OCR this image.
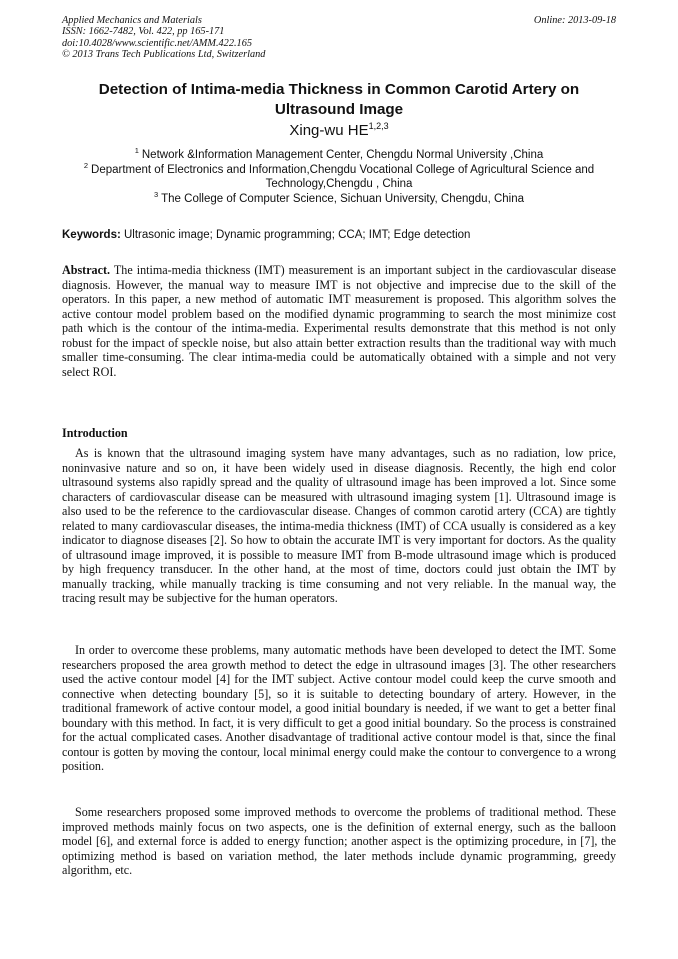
Applied Mechanics and Materials
ISSN: 1662-7482, Vol. 422, pp 165-171
doi:10.4028/www.scientific.net/AMM.422.165
© 2013 Trans Tech Publications Ltd, Switzerland
Online: 2013-09-18
Detection of Intima-media Thickness in Common Carotid Artery on Ultrasound Image
Xing-wu HE$^{1,2,3}$
$^1$ Network &Information Management Center, Chengdu Normal University ,China
$^2$ Department of Electronics and Information,Chengdu Vocational College of Agricultural Science and Technology,Chengdu , China
$^3$ The College of Computer Science, Sichuan University, Chengdu, China
Keywords: Ultrasonic image; Dynamic programming; CCA; IMT; Edge detection
Abstract. The intima-media thickness (IMT) measurement is an important subject in the cardiovascular disease diagnosis. However, the manual way to measure IMT is not objective and imprecise due to the skill of the operators. In this paper, a new method of automatic IMT measurement is proposed. This algorithm solves the active contour model problem based on the modified dynamic programming to search the most minimize cost path which is the contour of the intima-media. Experimental results demonstrate that this method is not only robust for the impact of speckle noise, but also attain better extraction results than the traditional way with much smaller time-consuming. The clear intima-media could be automatically obtained with a simple and not very select ROI.
Introduction
As is known that the ultrasound imaging system have many advantages, such as no radiation, low price, noninvasive nature and so on, it have been widely used in disease diagnosis. Recently, the high end color ultrasound systems also rapidly spread and the quality of ultrasound image has been improved a lot. Since some characters of cardiovascular disease can be measured with ultrasound imaging system [1]. Ultrasound image is also used to be the reference to the cardiovascular disease. Changes of common carotid artery (CCA) are tightly related to many cardiovascular diseases, the intima-media thickness (IMT) of CCA usually is considered as a key indicator to diagnose diseases [2]. So how to obtain the accurate IMT is very important for doctors. As the quality of ultrasound image improved, it is possible to measure IMT from B-mode ultrasound image which is produced by high frequency transducer. In the other hand, at the most of time, doctors could just obtain the IMT by manually tracking, while manually tracking is time consuming and not very reliable. In the manual way, the tracing result may be subjective for the human operators.
In order to overcome these problems, many automatic methods have been developed to detect the IMT. Some researchers proposed the area growth method to detect the edge in ultrasound images [3]. The other researchers used the active contour model [4] for the IMT subject. Active contour model could keep the curve smooth and connective when detecting boundary [5], so it is suitable to detecting boundary of artery. However, in the traditional framework of active contour model, a good initial boundary is needed, if we want to get a better final boundary with this method. In fact, it is very difficult to get a good initial boundary. So the process is constrained for the actual complicated cases. Another disadvantage of traditional active contour model is that, since the final contour is gotten by moving the contour, local minimal energy could make the contour to convergence to a wrong position.
Some researchers proposed some improved methods to overcome the problems of traditional method. These improved methods mainly focus on two aspects, one is the definition of external energy, such as the balloon model [6], and external force is added to energy function; another aspect is the optimizing procedure, in [7], the optimizing method is based on variation method, the later methods include dynamic programming, greedy algorithm, etc.
